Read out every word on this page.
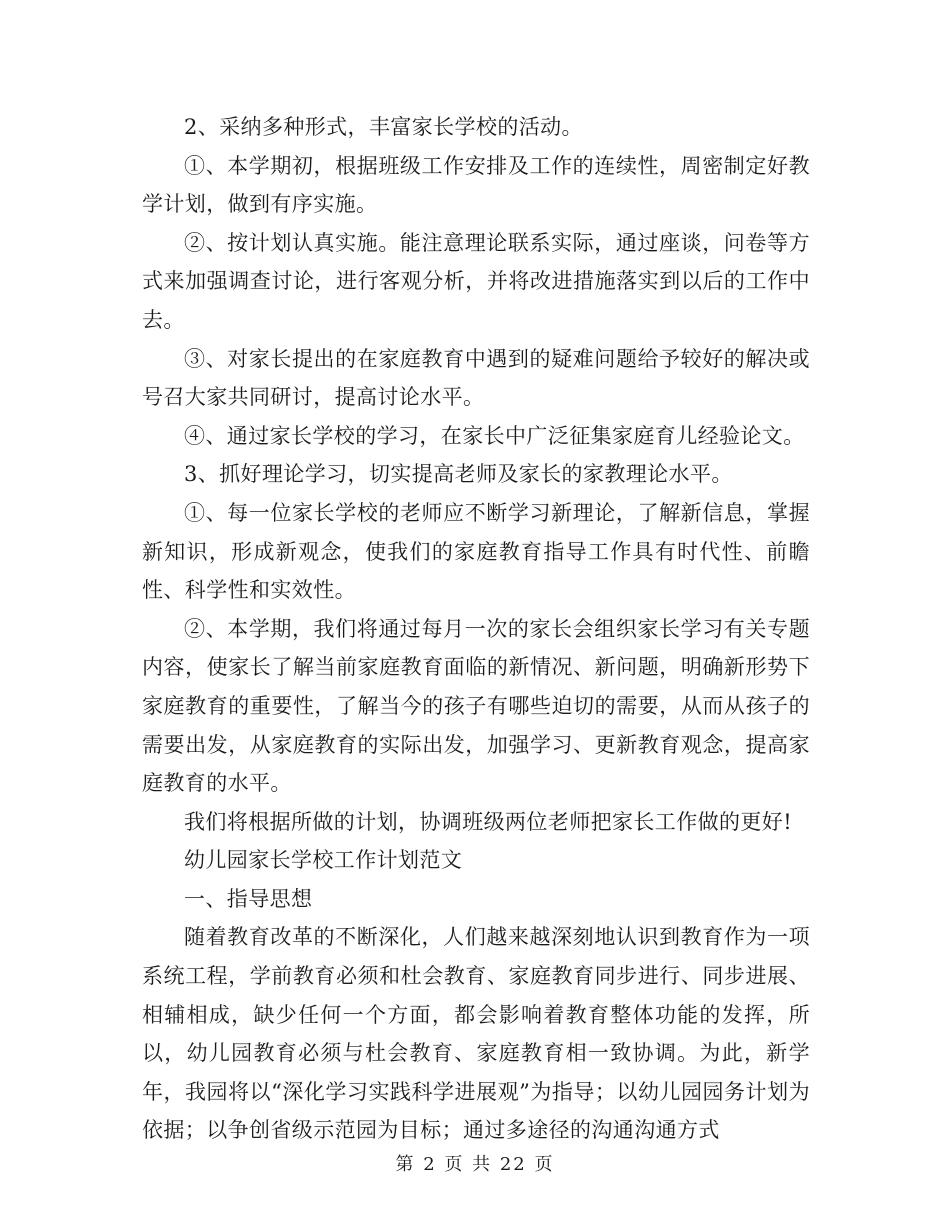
2、采纳多种形式，丰富家长学校的活动。

①、本学期初，根据班级工作安排及工作的连续性，周密制定好教学计划，做到有序实施。

②、按计划认真实施。能注意理论联系实际，通过座谈，问卷等方式来加强调查讨论，进行客观分析，并将改进措施落实到以后的工作中去。

③、对家长提出的在家庭教育中遇到的疑难问题给予较好的解决或号召大家共同研讨，提高讨论水平。

④、通过家长学校的学习，在家长中广泛征集家庭育儿经验论文。

3、抓好理论学习，切实提高老师及家长的家教理论水平。

①、每一位家长学校的老师应不断学习新理论，了解新信息，掌握新知识，形成新观念，使我们的家庭教育指导工作具有时代性、前瞻性、科学性和实效性。

②、本学期，我们将通过每月一次的家长会组织家长学习有关专题内容，使家长了解当前家庭教育面临的新情况、新问题，明确新形势下家庭教育的重要性，了解当今的孩子有哪些迫切的需要，从而从孩子的需要出发，从家庭教育的实际出发，加强学习、更新教育观念，提高家庭教育的水平。

我们将根据所做的计划，协调班级两位老师把家长工作做的更好!

幼儿园家长学校工作计划范文

一、指导思想

随着教育改革的不断深化，人们越来越深刻地认识到教育作为一项系统工程，学前教育必须和杜会教育、家庭教育同步进行、同步进展、相辅相成，缺少任何一个方面，都会影响着教育整体功能的发挥，所以，幼儿园教育必须与杜会教育、家庭教育相一致协调。为此，新学年，我园将以“深化学习实践科学进展观”为指导；以幼儿园园务计划为依据；以争创省级示范园为目标；通过多途径的沟通沟通方式

第 2 页 共 22 页
